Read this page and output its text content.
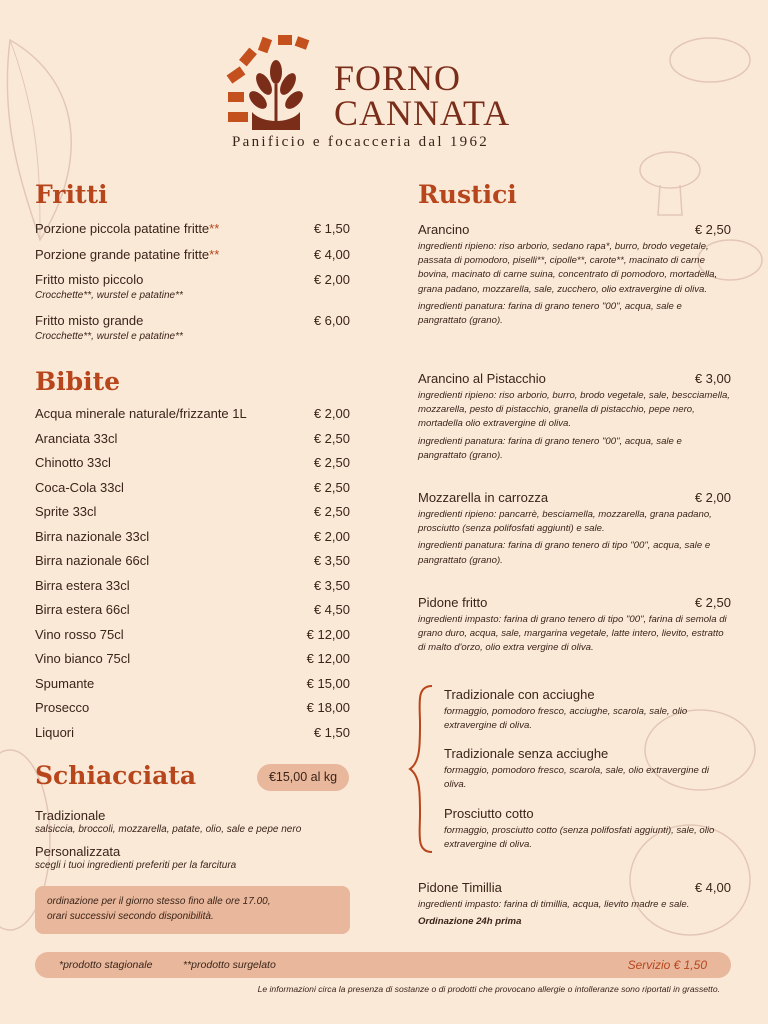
FORNO
CANNATA
Panificio e focacceria dal 1962
Fritti
Porzione piccola patatine fritte**	€ 1,50
Porzione grande patatine fritte**	€ 4,00
Fritto misto piccolo	€ 2,00
Crocchette**, wurstel e patatine**
Fritto misto grande	€ 6,00
Crocchette**, wurstel e patatine**
Bibite
Acqua minerale naturale/frizzante 1L	€ 2,00
Aranciata 33cl	€ 2,50
Chinotto 33cl	€ 2,50
Coca-Cola 33cl	€ 2,50
Sprite 33cl	€ 2,50
Birra nazionale 33cl	€ 2,00
Birra nazionale 66cl	€ 3,50
Birra estera 33cl	€ 3,50
Birra estera 66cl	€ 4,50
Vino rosso 75cl	€ 12,00
Vino bianco 75cl	€ 12,00
Spumante	€ 15,00
Prosecco	€ 18,00
Liquori	€ 1,50
Schiacciata	€15,00 al kg
Tradizionale
salsiccia, broccoli, mozzarella, patate, olio, sale e pepe nero
Personalizzata
scegli i tuoi ingredienti preferiti per la farcitura
ordinazione per il giorno stesso fino alle ore 17.00,
orari successivi secondo disponibilità.
Rustici
Arancino	€ 2,50
ingredienti ripieno: riso arborio, sedano rapa*, burro, brodo vegetale, passata di pomodoro, piselli**, cipolle**, carote**, macinato di carne bovina, macinato di carne suina, concentrato di pomodoro, mortadella, grana padano, mozzarella, sale, zucchero, olio extravergine di oliva.
ingredienti panatura: farina di grano tenero "00", acqua, sale e pangrattato (grano).
Arancino al Pistacchio	€ 3,00
ingredienti ripieno: riso arborio, burro, brodo vegetale, sale, bescciamella, mozzarella, pesto di pistacchio, granella di pistacchio, pepe nero, mortadella olio extravergine di oliva.
ingredienti panatura: farina di grano tenero "00", acqua, sale e pangrattato (grano).
Mozzarella in carrozza	€ 2,00
ingredienti ripieno: pancarrè, besciamella, mozzarella, grana padano, prosciutto (senza polifosfati aggiunti) e sale.
ingredienti panatura: farina di grano tenero di tipo "00", acqua, sale e pangrattato (grano).
Pidone fritto	€ 2,50
ingredienti impasto: farina di grano tenero di tipo "00", farina di semola di grano duro, acqua, sale, margarina vegetale, latte intero, lievito, estratto di malto d'orzo, olio extra vergine di oliva.
Tradizionale con acciughe
formaggio, pomodoro fresco, acciughe, scarola, sale, olio extravergine di oliva.
Tradizionale senza acciughe
formaggio, pomodoro fresco, scarola, sale, olio extravergine di oliva.
Prosciutto cotto
formaggio, prosciutto cotto (senza polifosfati aggiunti), sale, olio extravergine di oliva.
Pidone Timillia	€ 4,00
ingredienti impasto: farina di timillia, acqua, lievito madre e sale.
Ordinazione 24h prima
*prodotto stagionale	**prodotto surgelato	Servizio € 1,50
Le informazioni circa la presenza di sostanze o di prodotti che provocano allergie o intolleranze sono riportati in grassetto.
